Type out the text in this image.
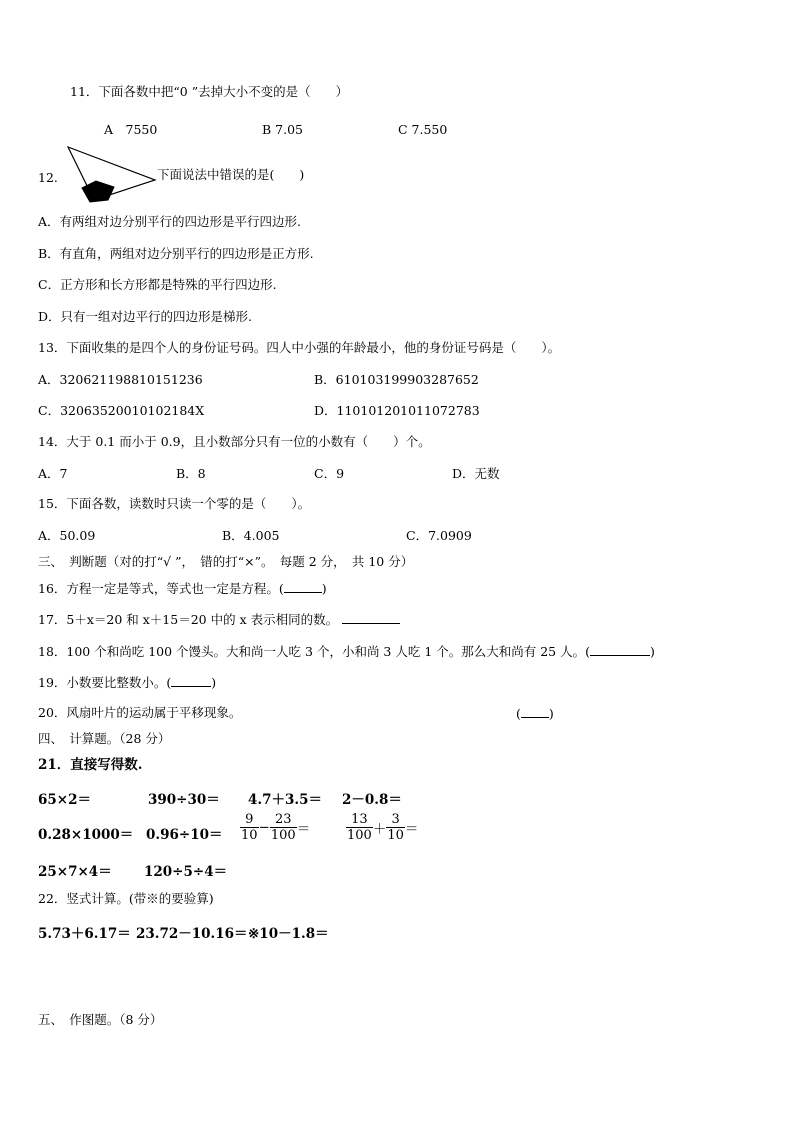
11．下面各数中把“0 ”去掉大小不变的是（　　）
A　7550	B 7.05	C 7.550
12.	下面说法中错误的是(　　)
A．有两组对边分别平行的四边形是平行四边形.
B．有直角，两组对边分别平行的四边形是正方形.
C．正方形和长方形都是特殊的平行四边形.
D．只有一组对边平行的四边形是梯形.
13．下面收集的是四个人的身份证号码。四人中小强的年龄最小，他的身份证号码是（　　）。
A．320621198810151236	B．610103199903287652
C．32063520010102184X	D．110101201011072783
14．大于 0.1 而小于 0.9，且小数部分只有一位的小数有（　　）个。
A．7	B．8	C．9	D．无数
15．下面各数，读数时只读一个零的是（　　）。
A．50.09	B．4.005	C．7.0909
三、　判断题（对的打“√ ”，　错的打“×”。　每题 2 分，　共 10 分）
16．方程一定是等式，等式也一定是方程。(	)
17．5＋x＝20 和 x＋15＝20 中的 x 表示相同的数。
18．100 个和尚吃 100 个馒头。大和尚一人吃 3 个，小和尚 3 人吃 1 个。那么大和尚有 25 人。(	)
19．小数要比整数小。(	)
20．风扇叶片的运动属于平移现象。	( )
四、　计算题。（28 分）
21．直接写得数.
65×2＝	390÷30＝ 4.7＋3.5＝ 2－0.8＝
$0.28\times 1000= 0.96\div 10= \frac{9}{10} - \frac{23}{100}$ ＝	$\frac{13}{100} + \frac{3}{10}$ ＝
25×7×4＝ 120÷5÷4＝
22．竖式计算。(带※的要验算)
5.73＋6.17＝ 23.72－10.16＝ ※10－1.8＝
五、　作图题。（8 分）
